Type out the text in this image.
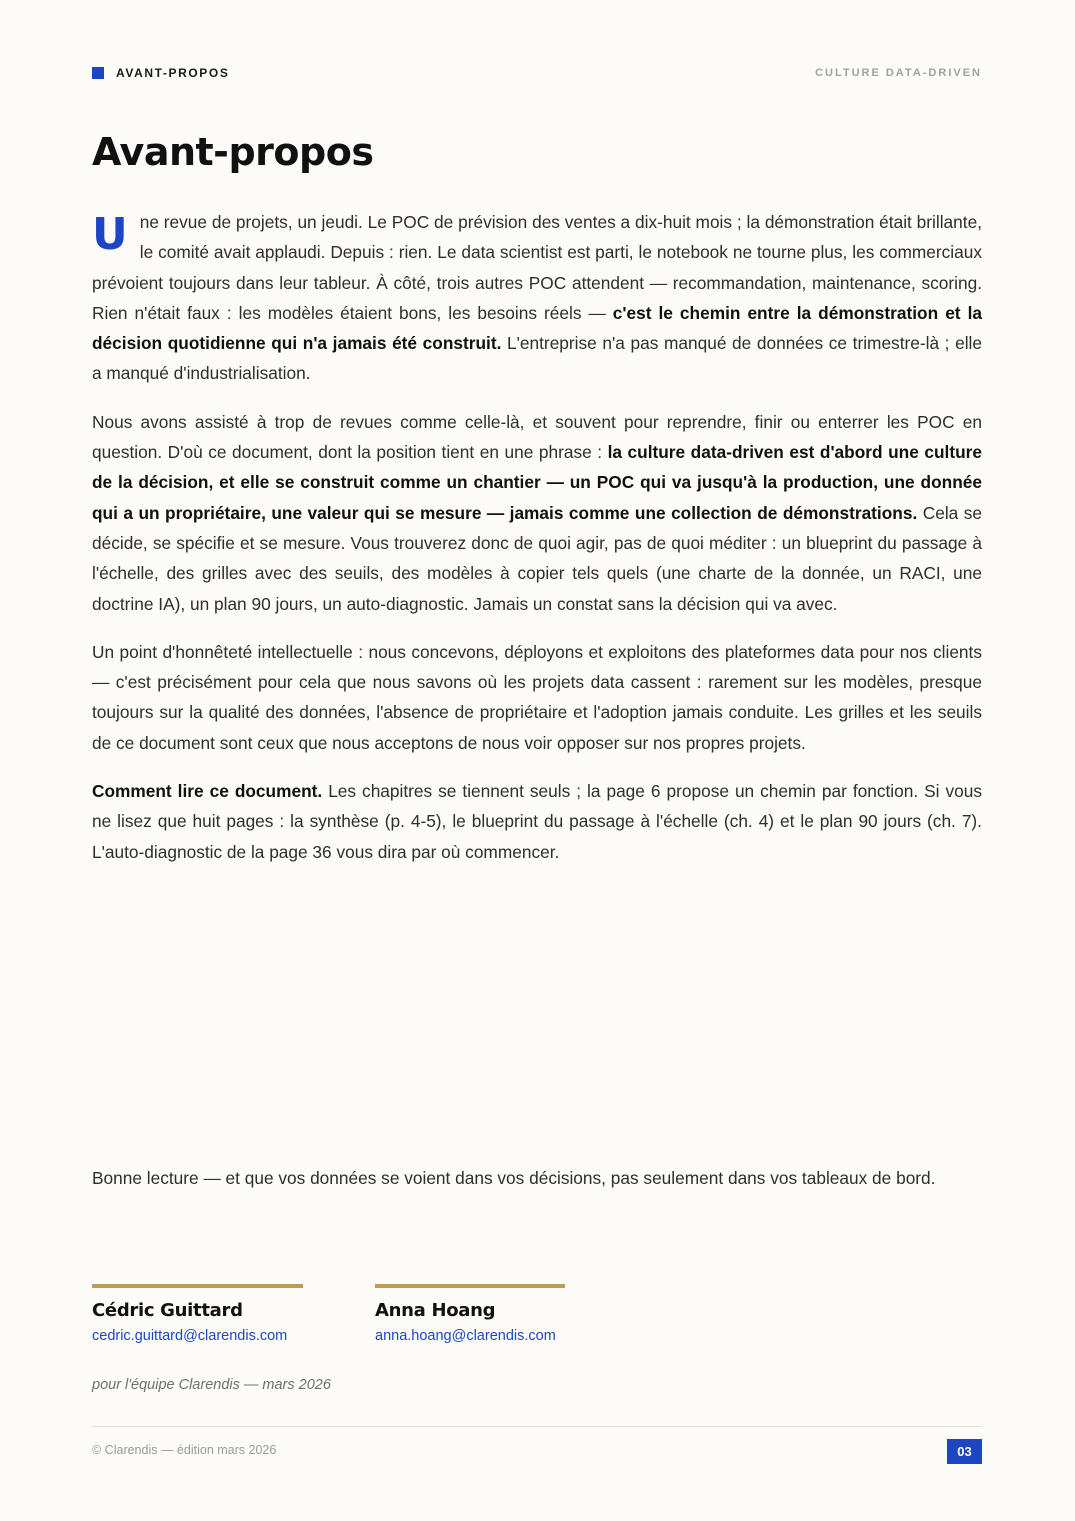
AVANT-PROPOS	CULTURE DATA-DRIVEN
Avant-propos

Une revue de projets, un jeudi. Le POC de prévision des ventes a dix-huit mois ; la démonstration était brillante, le comité avait applaudi. Depuis : rien. Le data scientist est parti, le notebook ne tourne plus, les commerciaux prévoient toujours dans leur tableur. À côté, trois autres POC attendent — recommandation, maintenance, scoring. Rien n'était faux : les modèles étaient bons, les besoins réels — c'est le chemin entre la démonstration et la décision quotidienne qui n'a jamais été construit. L'entreprise n'a pas manqué de données ce trimestre-là ; elle a manqué d'industrialisation.

Nous avons assisté à trop de revues comme celle-là, et souvent pour reprendre, finir ou enterrer les POC en question. D'où ce document, dont la position tient en une phrase : la culture data-driven est d'abord une culture de la décision, et elle se construit comme un chantier — un POC qui va jusqu'à la production, une donnée qui a un propriétaire, une valeur qui se mesure — jamais comme une collection de démonstrations. Cela se décide, se spécifie et se mesure. Vous trouverez donc de quoi agir, pas de quoi méditer : un blueprint du passage à l'échelle, des grilles avec des seuils, des modèles à copier tels quels (une charte de la donnée, un RACI, une doctrine IA), un plan 90 jours, un auto-diagnostic. Jamais un constat sans la décision qui va avec.

Un point d'honnêteté intellectuelle : nous concevons, déployons et exploitons des plateformes data pour nos clients — c'est précisément pour cela que nous savons où les projets data cassent : rarement sur les modèles, presque toujours sur la qualité des données, l'absence de propriétaire et l'adoption jamais conduite. Les grilles et les seuils de ce document sont ceux que nous acceptons de nous voir opposer sur nos propres projets.

Comment lire ce document. Les chapitres se tiennent seuls ; la page 6 propose un chemin par fonction. Si vous ne lisez que huit pages : la synthèse (p. 4-5), le blueprint du passage à l'échelle (ch. 4) et le plan 90 jours (ch. 7). L'auto-diagnostic de la page 36 vous dira par où commencer.

Bonne lecture — et que vos données se voient dans vos décisions, pas seulement dans vos tableaux de bord.

Cédric Guittard
cedric.guittard@clarendis.com
Anna Hoang
anna.hoang@clarendis.com
pour l'équipe Clarendis — mars 2026
© Clarendis — édition mars 2026	03
